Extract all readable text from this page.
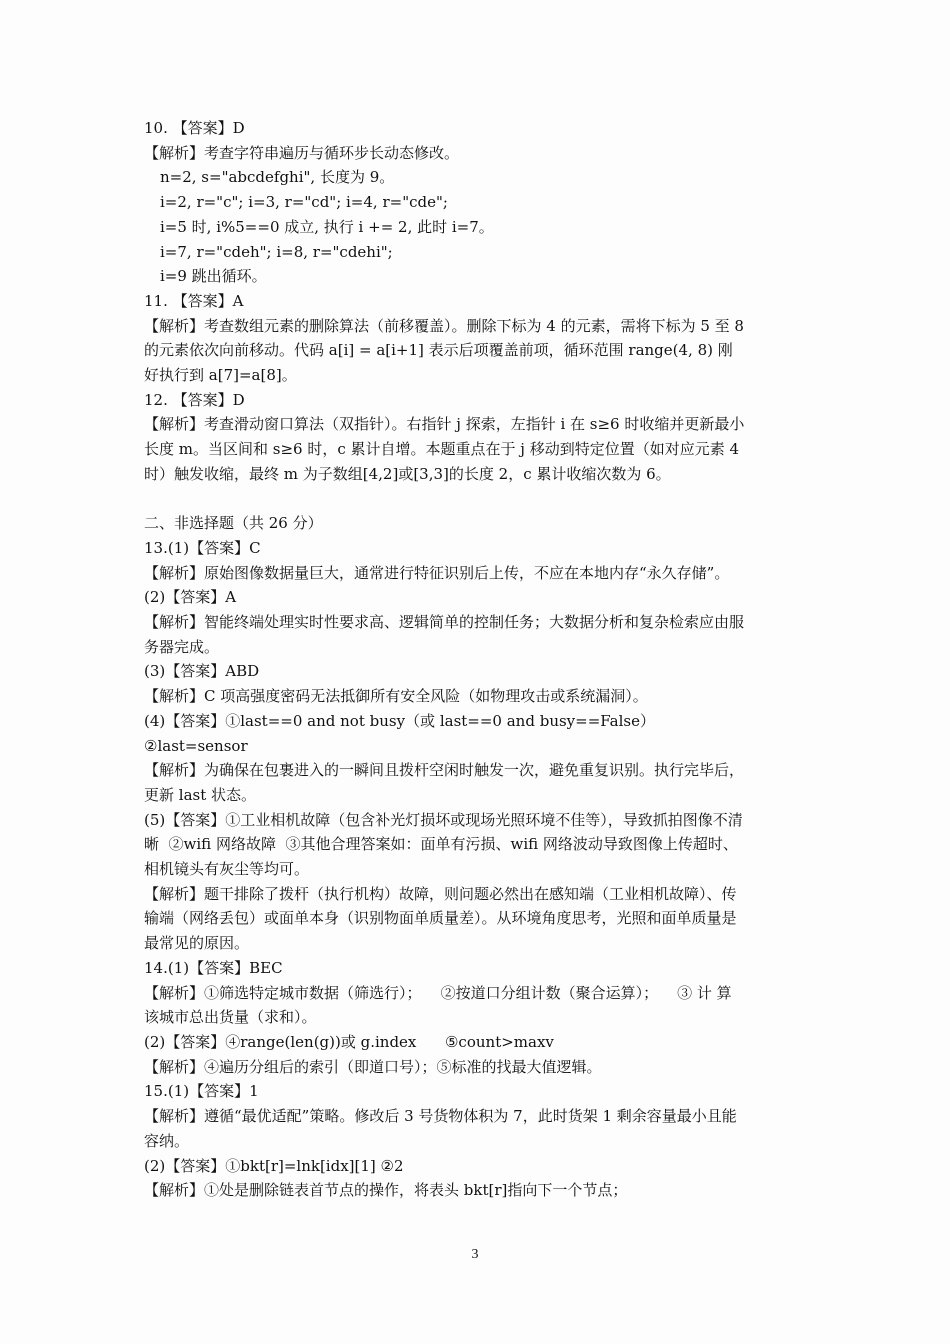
10. 【答案】D
【解析】考查字符串遍历与循环步长动态修改。
n=2, s="abcdefghi", 长度为 9。
i=2, r="c"; i=3, r="cd"; i=4, r="cde";
i=5 时, i%5==0 成立, 执行 i += 2, 此时 i=7。
i=7, r="cdeh"; i=8, r="cdehi";
i=9 跳出循环。
11. 【答案】A
【解析】考查数组元素的删除算法（前移覆盖）。删除下标为 4 的元素，需将下标为 5 至 8
的元素依次向前移动。代码 a[i] = a[i+1] 表示后项覆盖前项，循环范围 range(4, 8) 刚
好执行到 a[7]=a[8]。
12. 【答案】D
【解析】考查滑动窗口算法（双指针）。右指针 j 探索，左指针 i 在 s≥6 时收缩并更新最小
长度 m。当区间和 s≥6 时，c 累计自增。本题重点在于 j 移动到特定位置（如对应元素 4
时）触发收缩，最终 m 为子数组[4,2]或[3,3]的长度 2，c 累计收缩次数为 6。
二、非选择题（共 26 分）
13.(1)【答案】C
【解析】原始图像数据量巨大，通常进行特征识别后上传，不应在本地内存“永久存储”。
(2)【答案】A
【解析】智能终端处理实时性要求高、逻辑简单的控制任务；大数据分析和复杂检索应由服
务器完成。
(3)【答案】ABD
【解析】C 项高强度密码无法抵御所有安全风险（如物理攻击或系统漏洞）。
(4)【答案】①last==0 and not busy（或 last==0 and busy==False）
②last=sensor
【解析】为确保在包裹进入的一瞬间且拨杆空闲时触发一次，避免重复识别。执行完毕后，
更新 last 状态。
(5)【答案】①工业相机故障（包含补光灯损坏或现场光照环境不佳等），导致抓拍图像不清
晰  ②wifi 网络故障  ③其他合理答案如：面单有污损、wifi 网络波动导致图像上传超时、
相机镜头有灰尘等均可。
【解析】题干排除了拨杆（执行机构）故障，则问题必然出在感知端（工业相机故障）、传
输端（网络丢包）或面单本身（识别物面单质量差）。从环境角度思考，光照和面单质量是
最常见的原因。
14.(1)【答案】BEC
【解析】①筛选特定城市数据（筛选行）；    ②按道口分组计数（聚合运算）；    ③ 计 算
该城市总出货量（求和）。
(2)【答案】④range(len(g))或 g.index      ⑤count>maxv
【解析】④遍历分组后的索引（即道口号）；⑤标准的找最大值逻辑。
15.(1)【答案】1
【解析】遵循“最优适配”策略。修改后 3 号货物体积为 7，此时货架 1 剩余容量最小且能
容纳。
(2)【答案】①bkt[r]=lnk[idx][1] ②2
【解析】①处是删除链表首节点的操作，将表头 bkt[r]指向下一个节点；
3
